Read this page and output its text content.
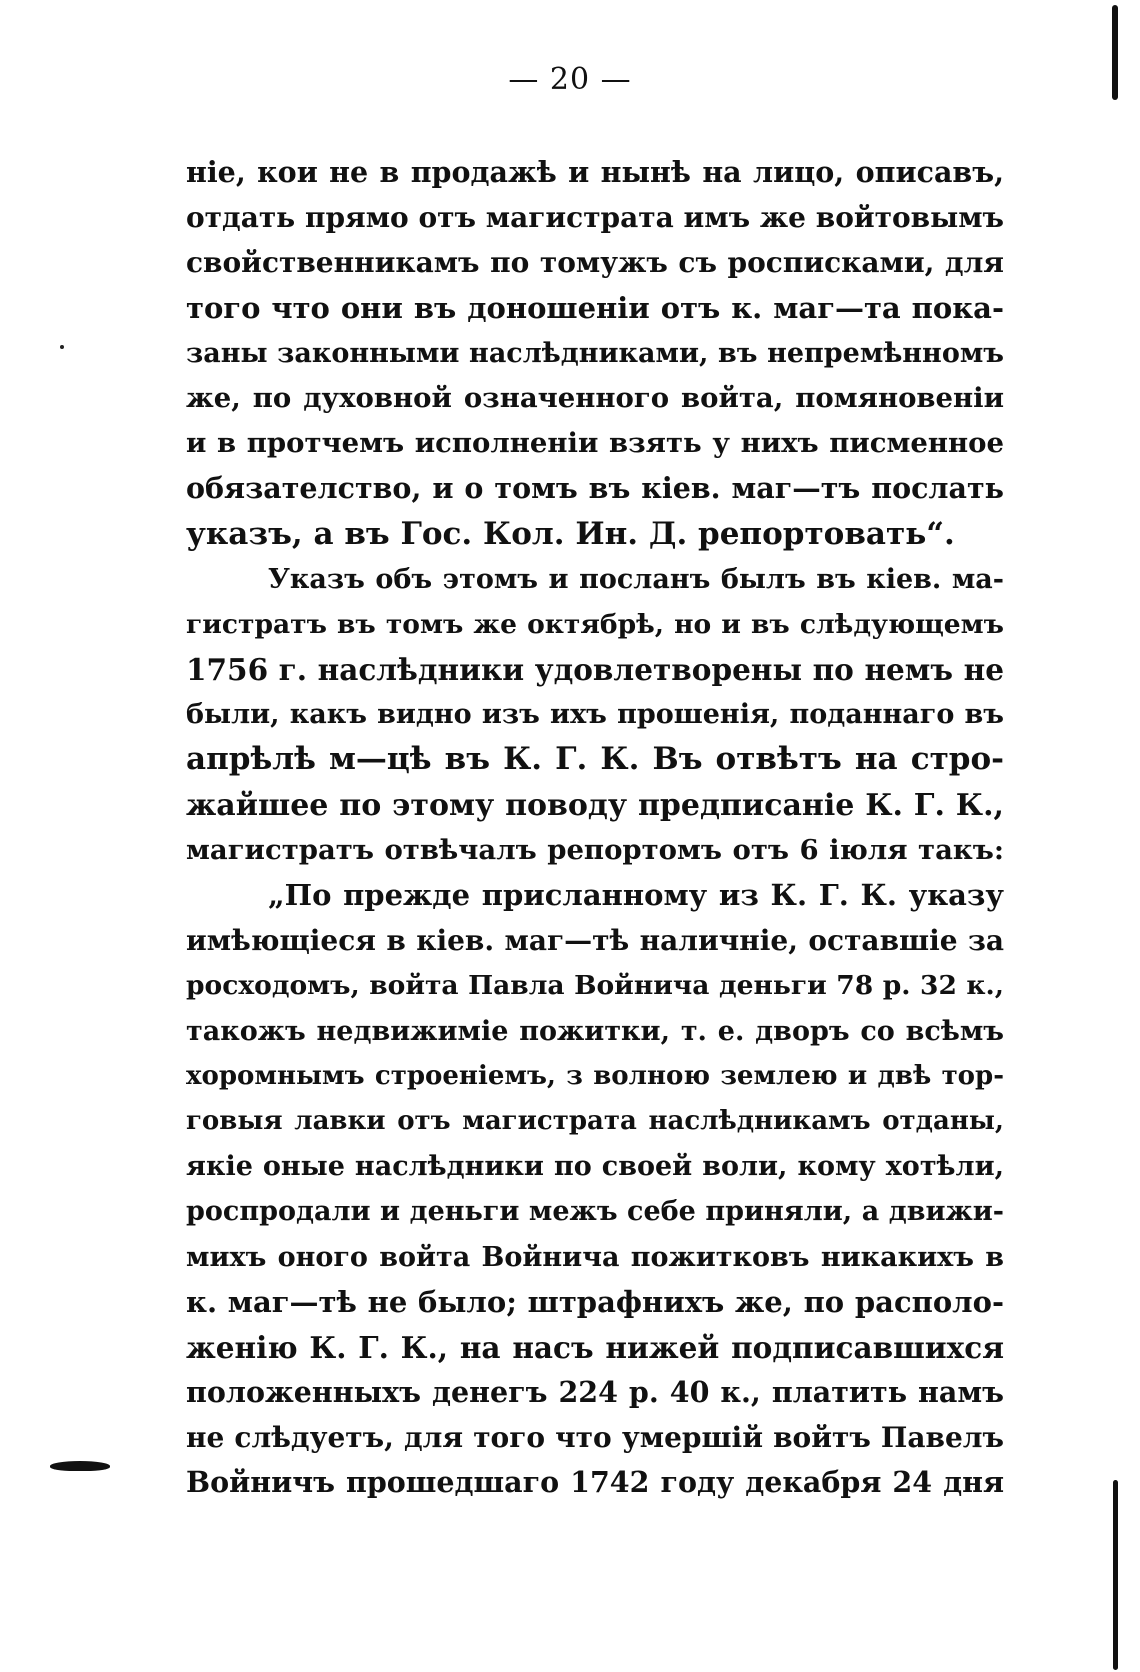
— 20 —
ніе, кои не в продажѣ и нынѣ на лицо, описавъ,
отдать прямо отъ магистрата имъ же войтовымъ
свойственникамъ по томужъ съ росписками, для
того что они въ доношеніи отъ к. маг—та пока-
заны законными наслѣдниками, въ непремѣнномъ
же, по духовной означенного войта, помяновеніи
и в протчемъ исполненіи взять у нихъ писменное
обязателство, и о томъ въ кіев. маг—тъ послать
указъ, а въ Гос. Кол. Ин. Д. репортовать“.
Указъ объ этомъ и посланъ былъ въ кіев. ма-
гистратъ въ томъ же октябрѣ, но и въ слѣдующемъ
1756 г. наслѣдники удовлетворены по немъ не
были, какъ видно изъ ихъ прошенія, поданнаго въ
апрѣлѣ м—цѣ въ К. Г. К. Въ отвѣтъ на стро-
жайшее по этому поводу предписаніе К. Г. К.,
магистратъ отвѣчалъ репортомъ отъ 6 іюля такъ:
„По прежде присланному из К. Г. К. указу
имѣющіеся в кіев. маг—тѣ наличніе, оставшіе за
росходомъ, войта Павла Войнича деньги 78 р. 32 к.,
такожъ недвижиміе пожитки, т. е. дворъ со всѣмъ
хоромнымъ строеніемъ, з волною землею и двѣ тор-
говыя лавки отъ магистрата наслѣдникамъ отданы,
якіе оные наслѣдники по своей воли, кому хотѣли,
роспродали и деньги межъ себе приняли, а движи-
михъ оного войта Войнича пожитковъ никакихъ в
к. маг—тѣ не было; штрафнихъ же, по располо-
женію К. Г. К., на насъ нижей подписавшихся
положенныхъ денегъ 224 р. 40 к., платить намъ
не слѣдуетъ, для того что умершій войтъ Павелъ
Войничъ прошедшаго 1742 году декабря 24 дня
